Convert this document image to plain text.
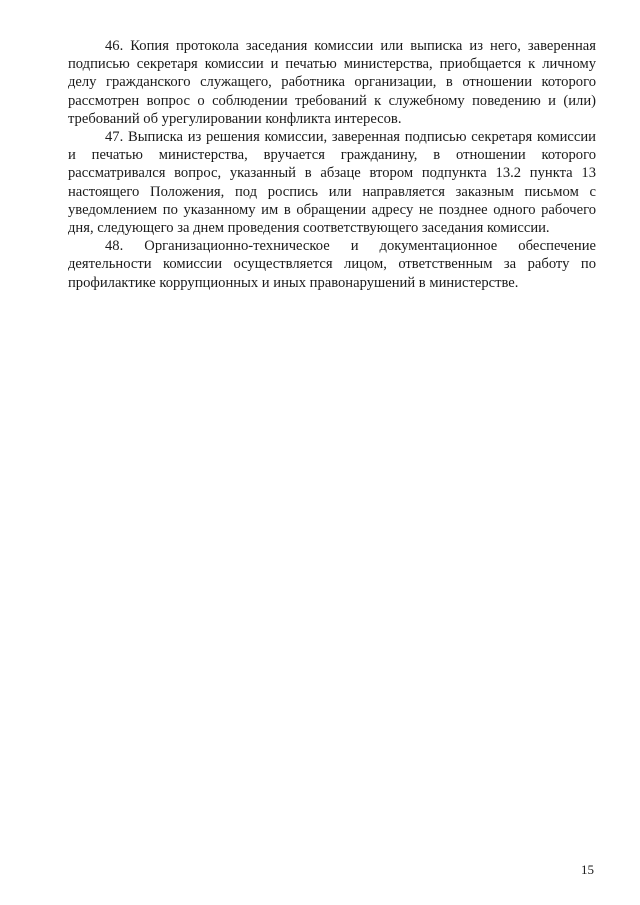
46. Копия протокола заседания комиссии или выписка из него, заверенная подписью секретаря комиссии и печатью министерства, приобщается к личному делу гражданского служащего, работника организации, в отношении которого рассмотрен вопрос о соблюдении требований к служебному поведению и (или) требований об урегулировании конфликта интересов.

47. Выписка из решения комиссии, заверенная подписью секретаря комиссии и печатью министерства, вручается гражданину, в отношении которого рассматривался вопрос, указанный в абзаце втором подпункта 13.2 пункта 13 настоящего Положения, под роспись или направляется заказным письмом с уведомлением по указанному им в обращении адресу не позднее одного рабочего дня, следующего за днем проведения соответствующего заседания комиссии.

48. Организационно-техническое и документационное обеспечение деятельности комиссии осуществляется лицом, ответственным за работу по профилактике коррупционных и иных правонарушений в министерстве.

15
